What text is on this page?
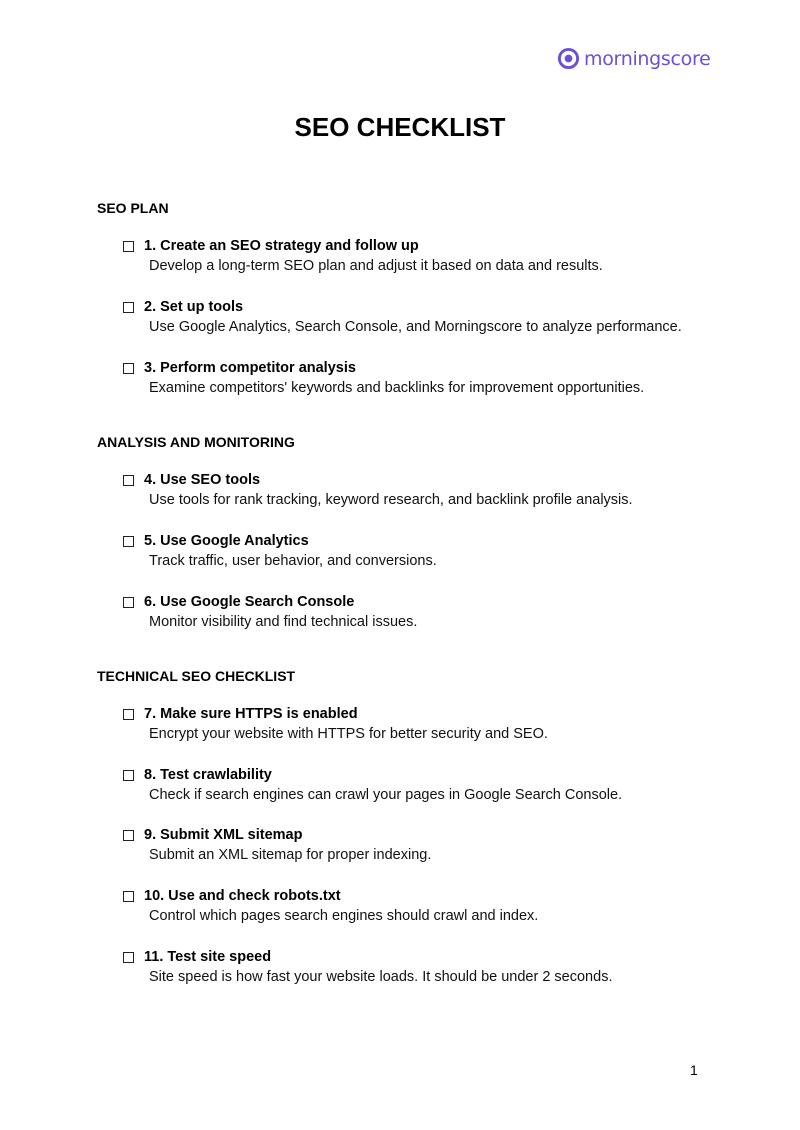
morningscore
SEO CHECKLIST
SEO PLAN
1. Create an SEO strategy and follow up
Develop a long-term SEO plan and adjust it based on data and results.
2. Set up tools
Use Google Analytics, Search Console, and Morningscore to analyze performance.
3. Perform competitor analysis
Examine competitors' keywords and backlinks for improvement opportunities.
ANALYSIS AND MONITORING
4. Use SEO tools
Use tools for rank tracking, keyword research, and backlink profile analysis.
5. Use Google Analytics
Track traffic, user behavior, and conversions.
6. Use Google Search Console
Monitor visibility and find technical issues.
TECHNICAL SEO CHECKLIST
7. Make sure HTTPS is enabled
Encrypt your website with HTTPS for better security and SEO.
8. Test crawlability
Check if search engines can crawl your pages in Google Search Console.
9. Submit XML sitemap
Submit an XML sitemap for proper indexing.
10. Use and check robots.txt
Control which pages search engines should crawl and index.
11. Test site speed
Site speed is how fast your website loads. It should be under 2 seconds.
1
